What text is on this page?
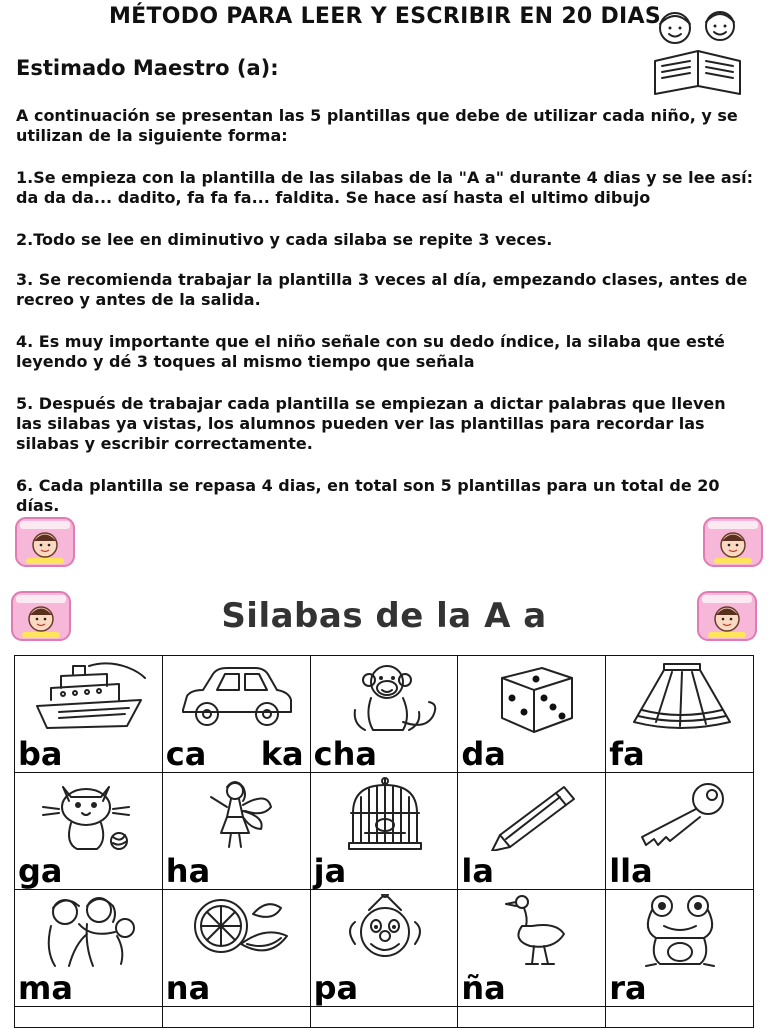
MÉTODO PARA LEER Y ESCRIBIR EN 20 DIAS
Estimado Maestro (a):

A continuación se presentan las 5 plantillas que debe de utilizar cada niño, y se utilizan de la siguiente forma:

1.Se empieza con la plantilla de las silabas de la "A a" durante 4 dias y se lee así: da da da... dadito, fa fa fa... faldita. Se hace así hasta el ultimo dibujo

2.Todo se lee en diminutivo y cada silaba se repite 3 veces.

3. Se recomienda trabajar la plantilla 3 veces al día, empezando clases, antes de recreo y antes de la salida.

4. Es muy importante que el niño señale con su dedo índice, la silaba que esté leyendo y dé 3 toques al mismo tiempo que señala

5. Después de trabajar cada plantilla se empiezan a dictar palabras que lleven las silabas ya vistas, los alumnos pueden ver las plantillas para recordar las silabas y escribir correctamente.

6. Cada plantilla se repasa 4 dias, en total son 5 plantillas para un total de 20 días.

Silabas de la A a
ba	ca ka	cha	da	fa

ga	ha	ja	la	lla

ma	na	pa	ña	ra
